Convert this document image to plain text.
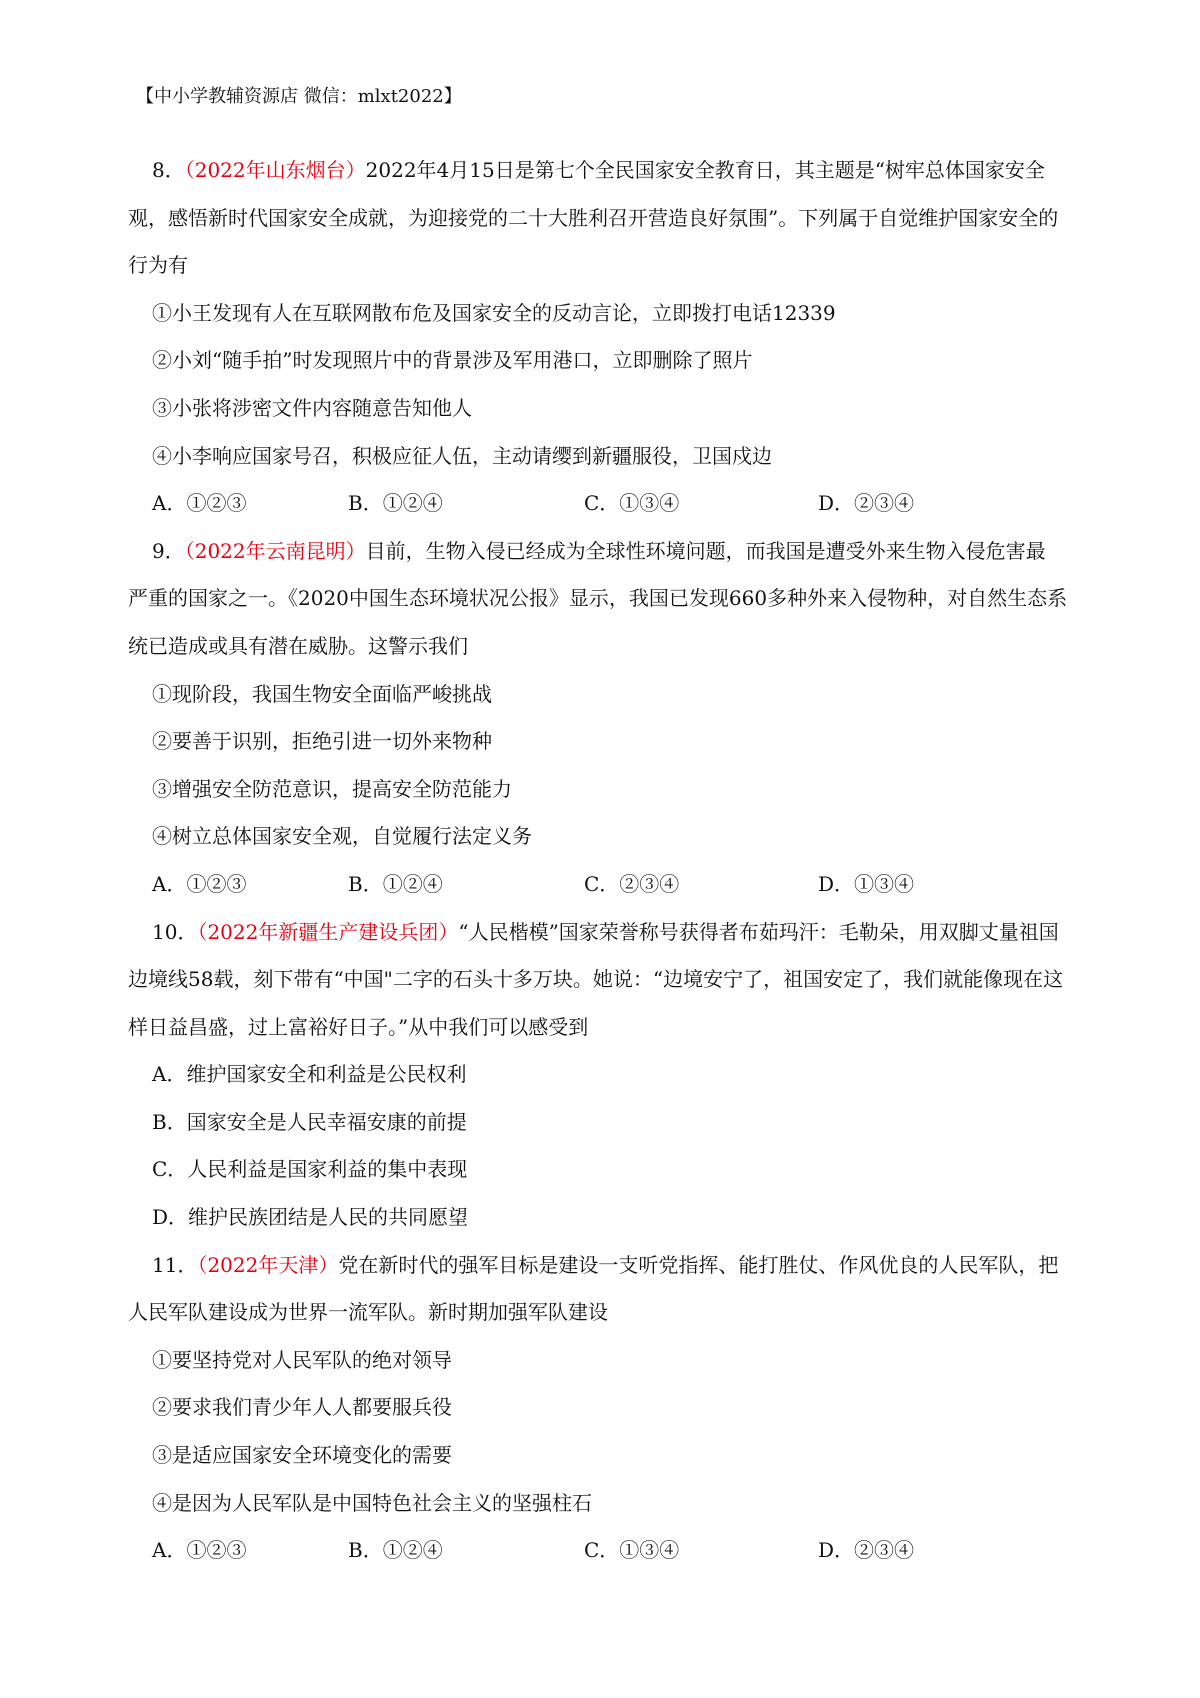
【中小学教辅资源店 微信：mlxt2022】
8．（2022年山东烟台）2022年4月15日是第七个全民国家安全教育日，其主题是“树牢总体国家安全
观，感悟新时代国家安全成就，为迎接党的二十大胜利召开营造良好氛围”。下列属于自觉维护国家安全的
行为有
①小王发现有人在互联网散布危及国家安全的反动言论，立即拨打电话12339
②小刘“随手拍”时发现照片中的背景涉及军用港口，立即删除了照片
③小张将涉密文件内容随意告知他人
④小李响应国家号召，积极应征人伍，主动请缨到新疆服役，卫国戍边
A．①②③	B．①②④	C．①③④	D．②③④
9．（2022年云南昆明）目前，生物入侵已经成为全球性环境问题，而我国是遭受外来生物入侵危害最
严重的国家之一。《2020中国生态环境状况公报》显示，我国已发现660多种外来入侵物种，对自然生态系
统已造成或具有潜在威胁。这警示我们
①现阶段，我国生物安全面临严峻挑战
②要善于识别，拒绝引进一切外来物种
③增强安全防范意识，提高安全防范能力
④树立总体国家安全观，自觉履行法定义务
A．①②③	B．①②④	C．②③④	D．①③④
10．（2022年新疆生产建设兵团）“人民楷模”国家荣誉称号获得者布茹玛汗：毛勒朵，用双脚丈量祖国
边境线58载，刻下带有“中国"二字的石头十多万块。她说：“边境安宁了，祖国安定了，我们就能像现在这
样日益昌盛，过上富裕好日子。”从中我们可以感受到
A．维护国家安全和利益是公民权利
B．国家安全是人民幸福安康的前提
C．人民利益是国家利益的集中表现
D．维护民族团结是人民的共同愿望
11．（2022年天津）党在新时代的强军目标是建设一支听党指挥、能打胜仗、作风优良的人民军队，把
人民军队建设成为世界一流军队。新时期加强军队建设
①要坚持党对人民军队的绝对领导
②要求我们青少年人人都要服兵役
③是适应国家安全环境变化的需要
④是因为人民军队是中国特色社会主义的坚强柱石
A．①②③	B．①②④	C．①③④	D．②③④
